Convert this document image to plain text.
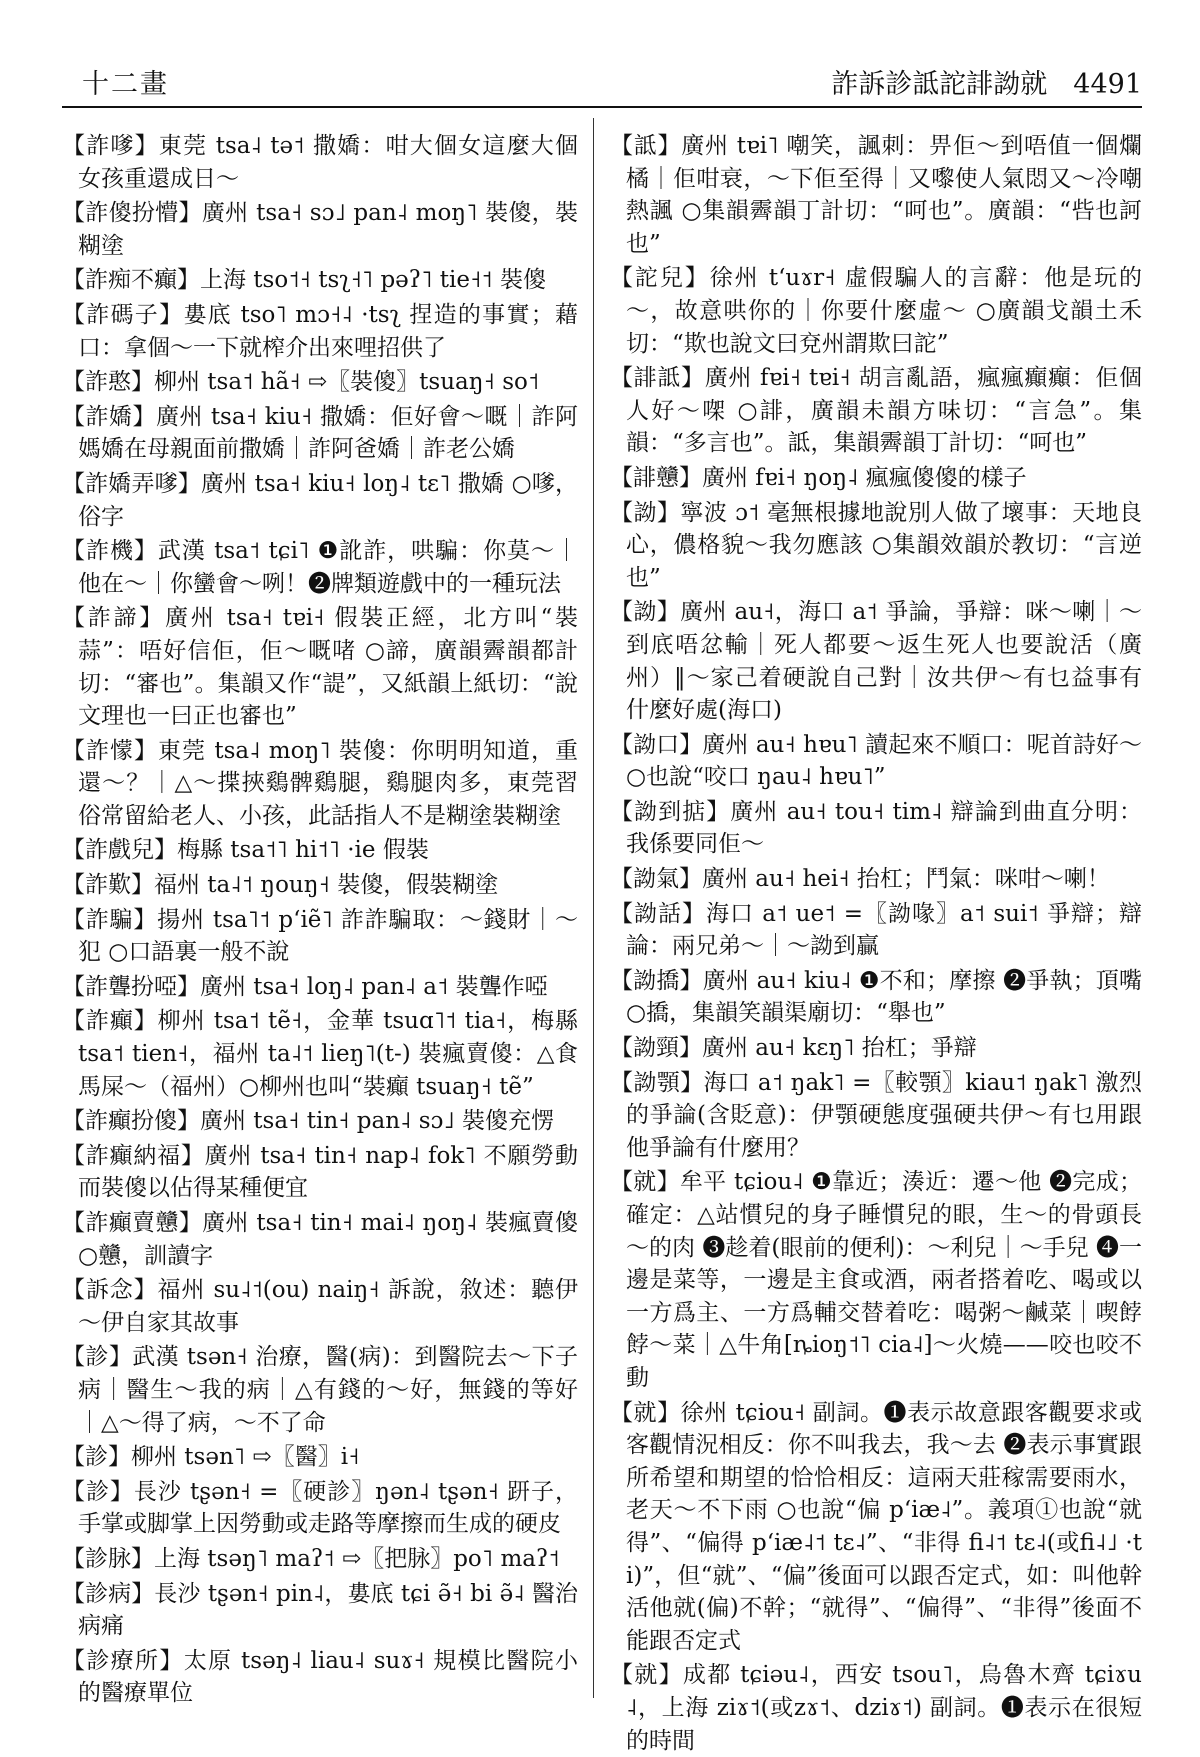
十二畫	詐訴診詆詑誹詏就 4491
【詐嗲】東莞 tsa˨ tə˦ 撒嬌：咁大個女這麼大個女孩重還成日～
【詐傻扮懵】廣州 tsa˧ sɔ˩ pan˨ moŋ˥ 裝傻，裝糊塗
【詐痴不癲】上海 tso˦˧ tsʅ˧˥ pəʔ˥ tie˧˦ 裝傻
【詐碼子】婁底 tso˥ mɔ˧˨ ·tsʅ 捏造的事實；藉口：拿個～一下就榨介出來哩招供了
【詐憨】柳州 tsa˦ hã˧ ⇨〖裝傻〗tsuaŋ˧ so˦
【詐嬌】廣州 tsa˧ kiu˧ 撒嬌：佢好會～嘅｜詐阿媽嬌在母親面前撒嬌｜詐阿爸嬌｜詐老公嬌
【詐嬌弄嗲】廣州 tsa˧ kiu˧ loŋ˨ tɛ˥ 撒嬌 ○嗲，俗字
【詐機】武漢 tsa˦ tɕi˥ ❶訛詐，哄騙：你莫～｜他在～｜你蠻會～咧！❷牌類遊戲中的一種玩法
【詐諦】廣州 tsa˧ tɐi˧ 假裝正經，北方叫“裝蒜”：唔好信佢，佢～嘅啫 ○諦，廣韻霽韻都計切：“審也”。集韻又作“諟”，又紙韻上紙切：“說文理也一曰正也審也”
【詐懞】東莞 tsa˨ moŋ˥ 裝傻：你明明知道，重還～？｜△～揲挾鷄髀鷄腿，鷄腿肉多，東莞習俗常留給老人、小孩，此話指人不是糊塗裝糊塗
【詐戲兒】梅縣 tsa˦˥ hi˦˥ ·ie 假裝
【詐歎】福州 ta˨˦ ŋouŋ˧ 裝傻，假裝糊塗
【詐騙】揚州 tsa˥˦ pʻiẽ˥ 詐詐騙取：～錢財｜～犯 ○口語裏一般不說
【詐聾扮啞】廣州 tsa˧ loŋ˨ pan˨ a˦ 裝聾作啞
【詐癲】柳州 tsa˦ tẽ˧，金華 tsuɑ˥˦ tia˧，梅縣 tsa˦ tien˧，福州 ta˨˦ lieŋ˥(t-) 裝瘋賣傻：△食馬屎～（福州）○柳州也叫“裝癲 tsuaŋ˧ tẽ”
【詐癲扮傻】廣州 tsa˧ tin˧ pan˨ sɔ˩ 裝傻充愣
【詐癲納福】廣州 tsa˧ tin˧ nap˨ fok˥ 不願勞動而裝傻以佔得某種便宜
【詐癲賣戇】廣州 tsa˧ tin˧ mai˨ ŋoŋ˨ 裝瘋賣傻 ○戇，訓讀字
【訴念】福州 su˨˦(ou) naiŋ˧ 訴說，敘述：聽伊～伊自家其故事
【診】武漢 tsən˧ 治療，醫(病)：到醫院去～下子病｜醫生～我的病｜△有錢的～好，無錢的等好｜△～得了病，～不了命
【診】柳州 tsən˥ ⇨〖醫〗i˧
【診】長沙 tʂən˧ =〖硬診〗ŋən˨ tʂən˧ 趼子，手掌或脚掌上因勞動或走路等摩擦而生成的硬皮
【診脉】上海 tsəŋ˥ maʔ˦ ⇨〖把脉〗po˥ maʔ˦
【診病】長沙 tʂən˧ pin˨，婁底 tɕi ə̃˧ bi ə̃˨ 醫治病痛
【診療所】太原 tsəŋ˨ liau˨ suɤ˧ 規模比醫院小的醫療單位
【詆】廣州 tɐi˥ 嘲笑，諷刺：畀佢～到唔值一個爛橘｜佢咁衰，～下佢至得｜又嚟使人氣悶又～冷嘲熱諷 ○集韻霽韻丁計切：“呵也”。廣韻：“呰也訶也”
【詑兒】徐州 tʻuɤr˧ 虛假騙人的言辭：他是玩的～，故意哄你的｜你要什麼虛～ ○廣韻戈韻土禾切：“欺也說文曰兗州謂欺曰詑”
【誹詆】廣州 fɐi˧ tɐi˧ 胡言亂語，瘋瘋癲癲：佢個人好～㗎 ○誹，廣韻未韻方味切：“言急”。集韻：“多言也”。詆，集韻霽韻丁計切：“呵也”
【誹戇】廣州 fɐi˧ ŋoŋ˨ 瘋瘋傻傻的樣子
【詏】寧波 ɔ˦ 毫無根據地說別人做了壞事：天地良心，儂格貌～我勿應該 ○集韻效韻於教切：“言逆也”
【詏】廣州 au˧，海口 a˦ 爭論，爭辯：咪～喇｜～到底唔忿輸｜死人都要～返生死人也要說活（廣州）‖～家己着硬說自己對｜汝共伊～有乜益事有什麼好處(海口)
【詏口】廣州 au˧ hɐu˥ 讀起來不順口：呢首詩好～ ○也說“咬口 ŋau˨ hɐu˥”
【詏到掂】廣州 au˧ tou˧ tim˨ 辯論到曲直分明：我係要同佢～
【詏氣】廣州 au˧ hei˧ 抬杠；鬥氣：咪咁～喇！
【詏話】海口 a˦ ue˦ =〖詏喙〗a˦ sui˦ 爭辯；辯論：兩兄弟～｜～詏到贏
【詏撟】廣州 au˧ kiu˨ ❶不和；摩擦 ❷爭執；頂嘴 ○撟，集韻笑韻渠廟切：“舉也”
【詏頸】廣州 au˧ kɛŋ˥ 抬杠；爭辯
【詏顎】海口 a˦ ŋak˥ =〖較顎〗kiau˦ ŋak˥ 激烈的爭論(含貶意)：伊顎硬態度强硬共伊～有乜用跟他爭論有什麼用？
【就】牟平 tɕiou˨ ❶靠近；湊近：遷～他 ❷完成；確定：△站慣兒的身子睡慣兒的眼，生～的骨頭長～的肉 ❸趁着(眼前的便利)：～利兒｜～手兒 ❹一邊是菜等，一邊是主食或酒，兩者搭着吃、喝或以一方爲主、一方爲輔交替着吃：喝粥～鹹菜｜喫餑餑～菜｜△牛角[ȵioŋ˦˥ cia˨]～火燒——咬也咬不動
【就】徐州 tɕiou˧ 副詞。❶表示故意跟客觀要求或客觀情況相反：你不叫我去，我～去 ❷表示事實跟所希望和期望的恰恰相反：這兩天莊稼需要雨水，老天～不下雨 ○也說“偏 pʻiæ˨”。義項①也說“就得”、“偏得 pʻiæ˨˦ tɛ˨”、“非得 fi˨˦ tɛ˨(或fi˨˩ ·ti)”，但“就”、“偏”後面可以跟否定式，如：叫他幹活他就(偏)不幹；“就得”、“偏得”、“非得”後面不能跟否定式
【就】成都 tɕiəu˨，西安 tsou˥，烏魯木齊 tɕiɤu˨，上海 ziɤ˦(或zɤ˦、dziɤ˦) 副詞。❶表示在很短的時間
